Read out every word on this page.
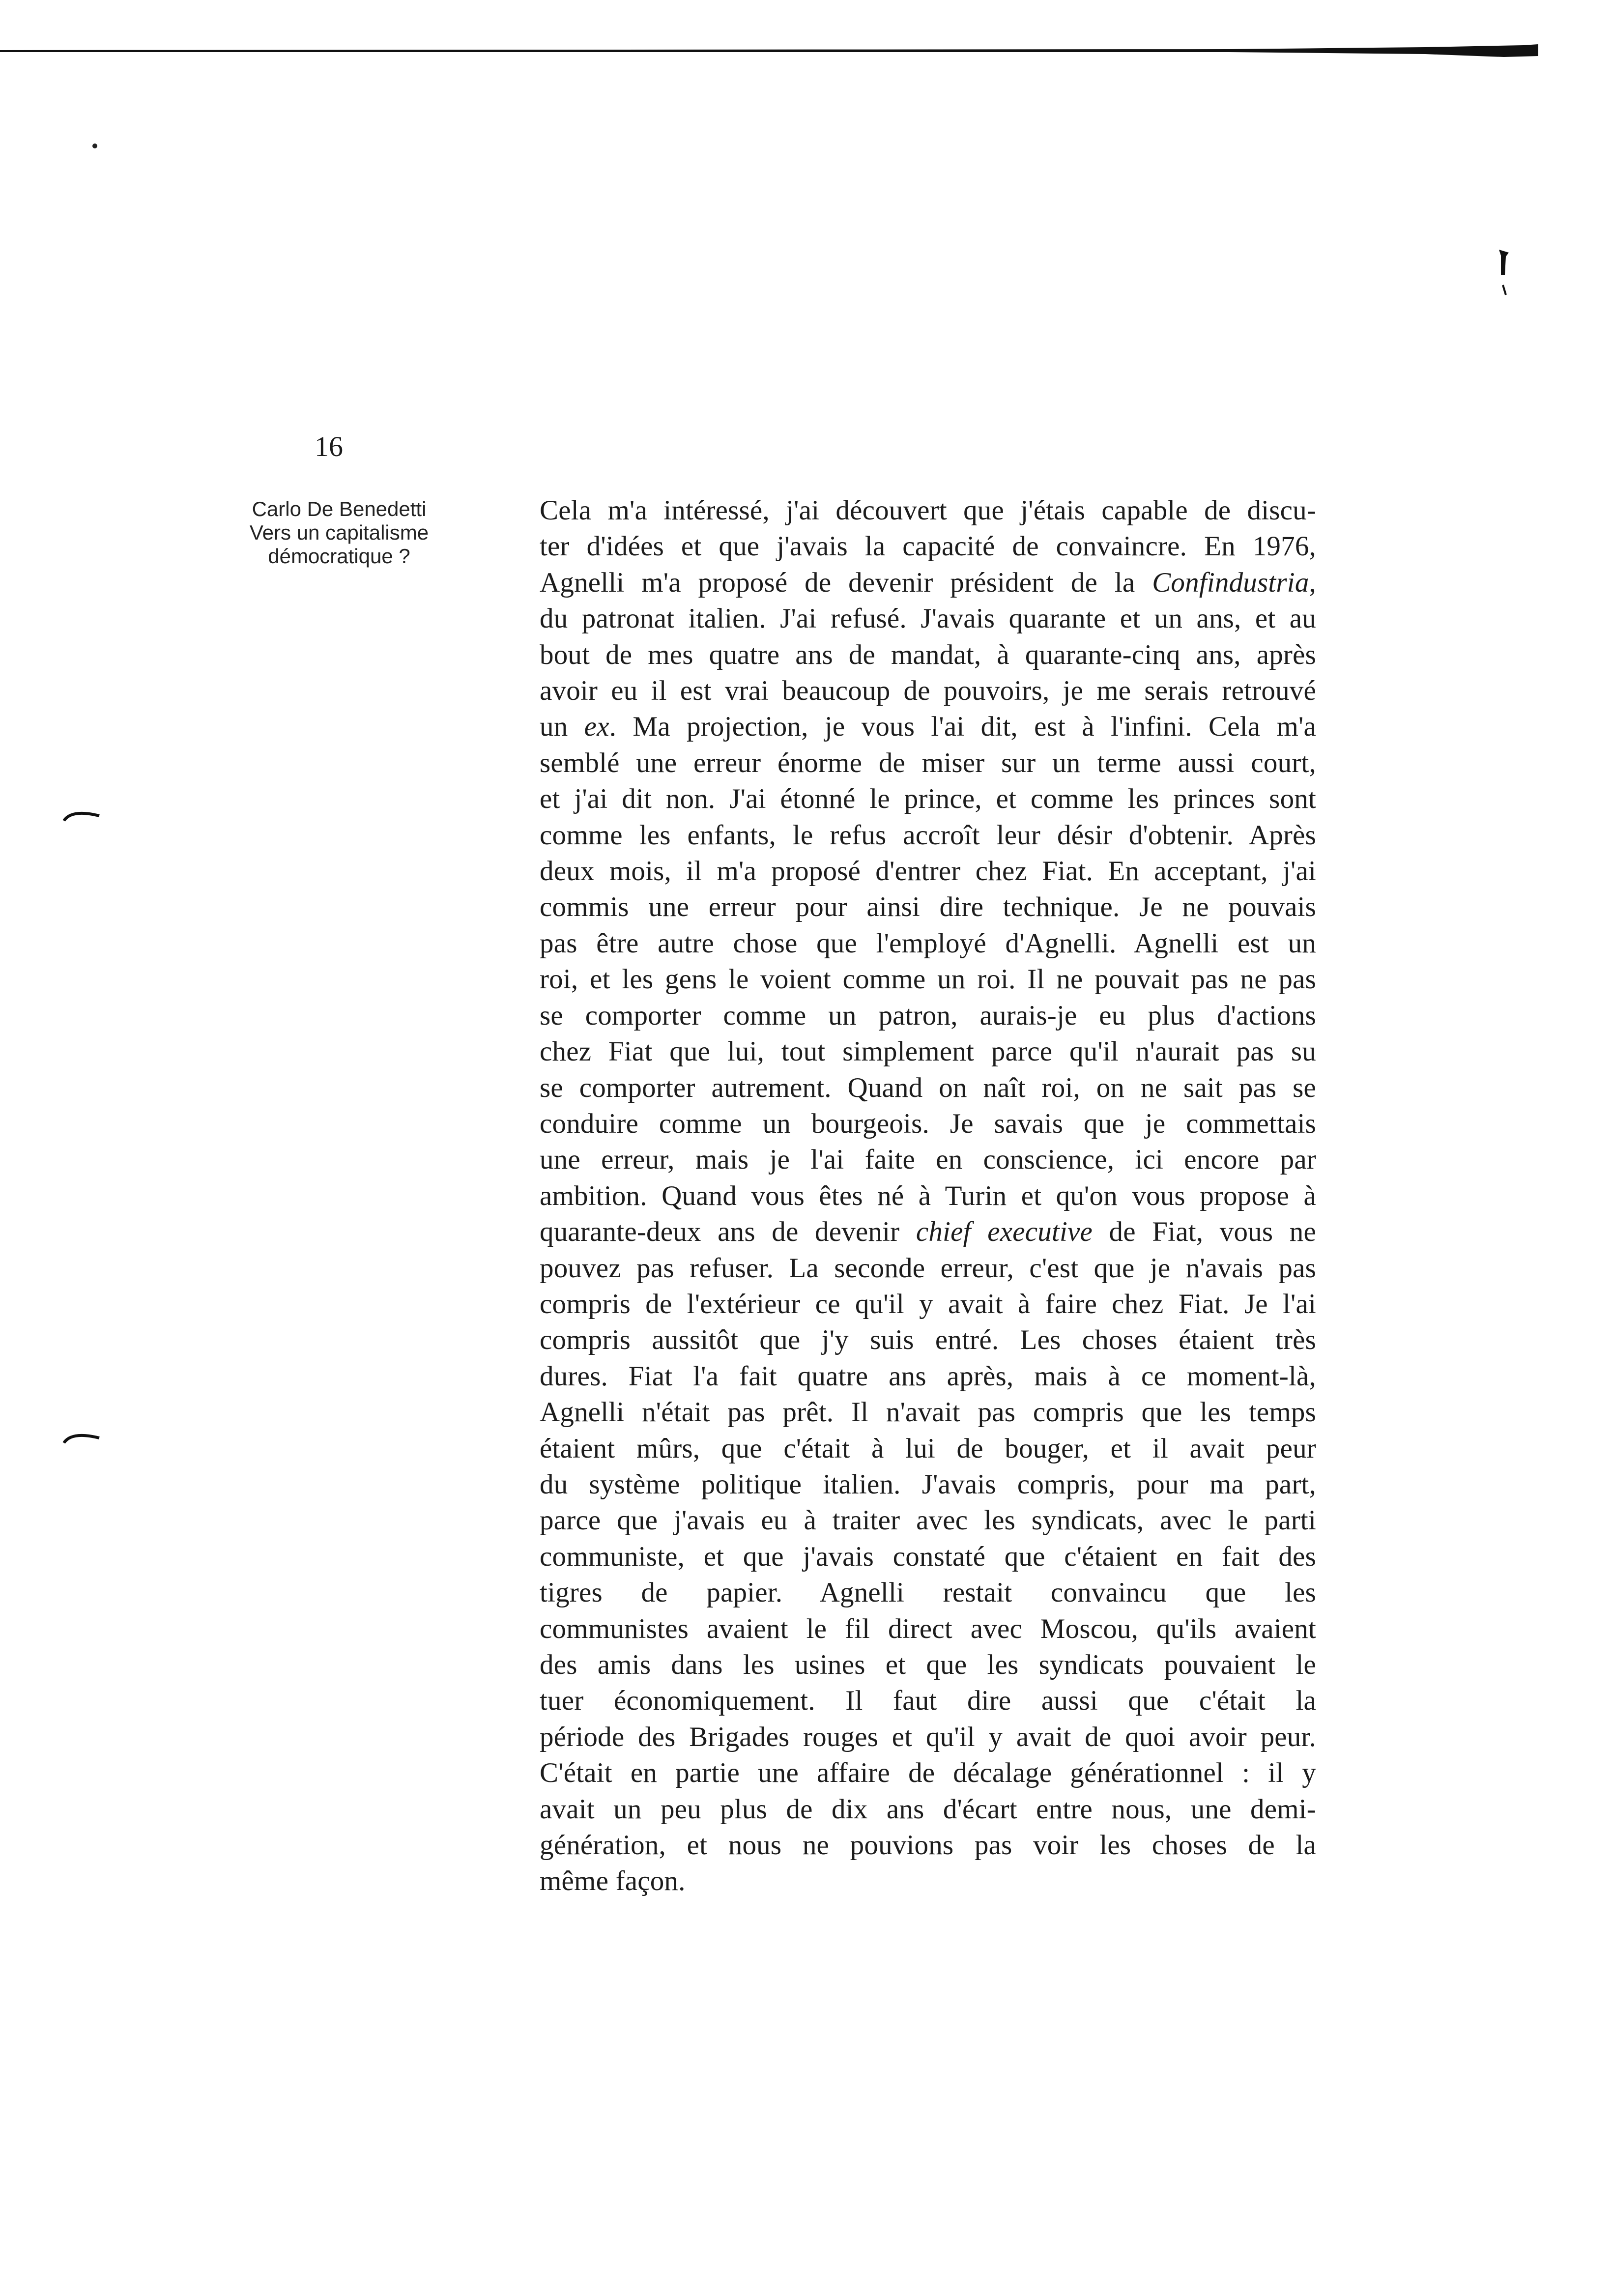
16
Carlo De Benedetti
Vers un capitalisme
démocratique ?
Cela m'a intéressé, j'ai découvert que j'étais capable de discu-
ter d'idées et que j'avais la capacité de convaincre. En 1976,
Agnelli m'a proposé de devenir président de la Confindustria,
du patronat italien. J'ai refusé. J'avais quarante et un ans, et au
bout de mes quatre ans de mandat, à quarante-cinq ans, après
avoir eu il est vrai beaucoup de pouvoirs, je me serais retrouvé
un ex. Ma projection, je vous l'ai dit, est à l'infini. Cela m'a
semblé une erreur énorme de miser sur un terme aussi court,
et j'ai dit non. J'ai étonné le prince, et comme les princes sont
comme les enfants, le refus accroît leur désir d'obtenir. Après
deux mois, il m'a proposé d'entrer chez Fiat. En acceptant, j'ai
commis une erreur pour ainsi dire technique. Je ne pouvais
pas être autre chose que l'employé d'Agnelli. Agnelli est un
roi, et les gens le voient comme un roi. Il ne pouvait pas ne pas
se comporter comme un patron, aurais-je eu plus d'actions
chez Fiat que lui, tout simplement parce qu'il n'aurait pas su
se comporter autrement. Quand on naît roi, on ne sait pas se
conduire comme un bourgeois. Je savais que je commettais
une erreur, mais je l'ai faite en conscience, ici encore par
ambition. Quand vous êtes né à Turin et qu'on vous propose à
quarante-deux ans de devenir chief executive de Fiat, vous ne
pouvez pas refuser. La seconde erreur, c'est que je n'avais pas
compris de l'extérieur ce qu'il y avait à faire chez Fiat. Je l'ai
compris aussitôt que j'y suis entré. Les choses étaient très
dures. Fiat l'a fait quatre ans après, mais à ce moment-là,
Agnelli n'était pas prêt. Il n'avait pas compris que les temps
étaient mûrs, que c'était à lui de bouger, et il avait peur
du système politique italien. J'avais compris, pour ma part,
parce que j'avais eu à traiter avec les syndicats, avec le parti
communiste, et que j'avais constaté que c'étaient en fait des
tigres de papier. Agnelli restait convaincu que les
communistes avaient le fil direct avec Moscou, qu'ils avaient
des amis dans les usines et que les syndicats pouvaient le
tuer économiquement. Il faut dire aussi que c'était la
période des Brigades rouges et qu'il y avait de quoi avoir peur.
C'était en partie une affaire de décalage générationnel : il y
avait un peu plus de dix ans d'écart entre nous, une demi-
génération, et nous ne pouvions pas voir les choses de la
même façon.
